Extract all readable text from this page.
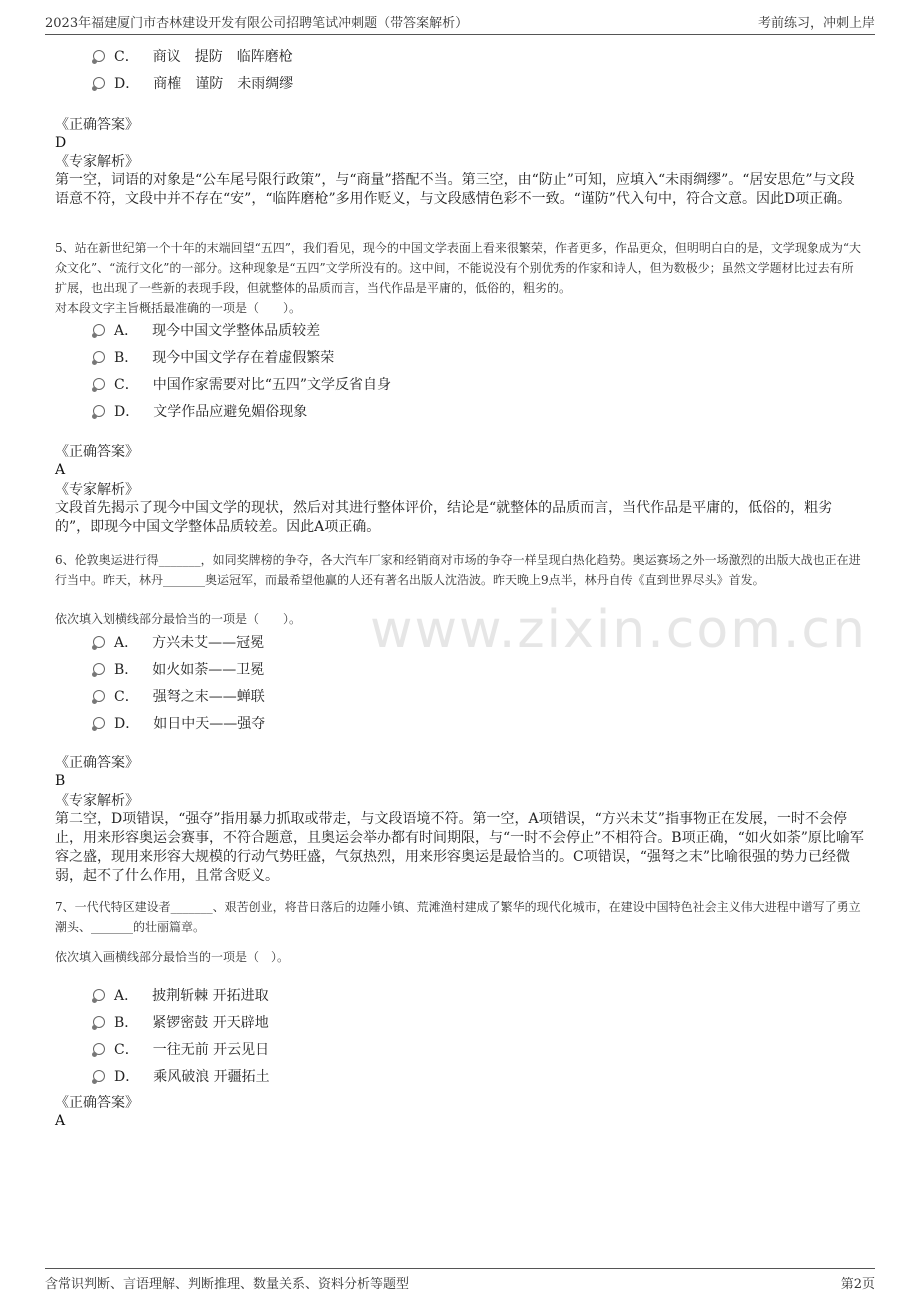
2023年福建厦门市杏林建设开发有限公司招聘笔试冲刺题（带答案解析）	考前练习，冲刺上岸
www.zixin.com.cn
C． 商议 提防 临阵磨枪
D． 商榷 谨防 未雨绸缪
《正确答案》
D
《专家解析》
第一空，词语的对象是“公车尾号限行政策”，与“商量”搭配不当。第三空，由“防止”可知，应填入“未雨绸缪”。“居安思危”与文段语意不符，文段中并不存在“安”，“临阵磨枪”多用作贬义，与文段感情色彩不一致。“谨防”代入句中，符合文意。因此D项正确。
5、站在新世纪第一个十年的末端回望“五四”，我们看见，现今的中国文学表面上看来很繁荣，作者更多，作品更众，但明明白白的是，文学现象成为“大众文化”、“流行文化”的一部分。这种现象是“五四”文学所没有的。这中间，不能说没有个别优秀的作家和诗人，但为数极少；虽然文学题材比过去有所扩展，也出现了一些新的表现手段，但就整体的品质而言，当代作品是平庸的，低俗的，粗劣的。
对本段文字主旨概括最准确的一项是（　　）。
A． 现今中国文学整体品质较差
B． 现今中国文学存在着虚假繁荣
C． 中国作家需要对比“五四”文学反省自身
D． 文学作品应避免媚俗现象
《正确答案》
A
《专家解析》
文段首先揭示了现今中国文学的现状，然后对其进行整体评价，结论是“就整体的品质而言，当代作品是平庸的，低俗的，粗劣的”，即现今中国文学整体品质较差。因此A项正确。
6、伦敦奥运进行得_______，如同奖牌榜的争夺，各大汽车厂家和经销商对市场的争夺一样呈现白热化趋势。奥运赛场之外一场激烈的出版大战也正在进行当中。昨天，林丹_______奥运冠军，而最希望他赢的人还有著名出版人沈浩波。昨天晚上9点半，林丹自传《直到世界尽头》首发。
依次填入划横线部分最恰当的一项是（　　）。
A． 方兴未艾——冠冕
B． 如火如荼——卫冕
C． 强弩之末——蝉联
D． 如日中天——强夺
《正确答案》
B
《专家解析》
第二空，D项错误，“强夺”指用暴力抓取或带走，与文段语境不符。第一空，A项错误，“方兴未艾”指事物正在发展，一时不会停止，用来形容奥运会赛事，不符合题意，且奥运会举办都有时间期限，与“一时不会停止”不相符合。B项正确，“如火如荼”原比喻军容之盛，现用来形容大规模的行动气势旺盛，气氛热烈，用来形容奥运是最恰当的。C项错误，“强弩之末”比喻很强的势力已经微弱，起不了什么作用，且常含贬义。
7、一代代特区建设者_______、艰苦创业，将昔日落后的边陲小镇、荒滩渔村建成了繁华的现代化城市，在建设中国特色社会主义伟大进程中谱写了勇立潮头、_______的壮丽篇章。
依次填入画横线部分最恰当的一项是（　）。
A． 披荆斩棘 开拓进取
B． 紧锣密鼓 开天辟地
C． 一往无前 开云见日
D． 乘风破浪 开疆拓土
《正确答案》
A
含常识判断、言语理解、判断推理、数量关系、资料分析等题型	第2页
